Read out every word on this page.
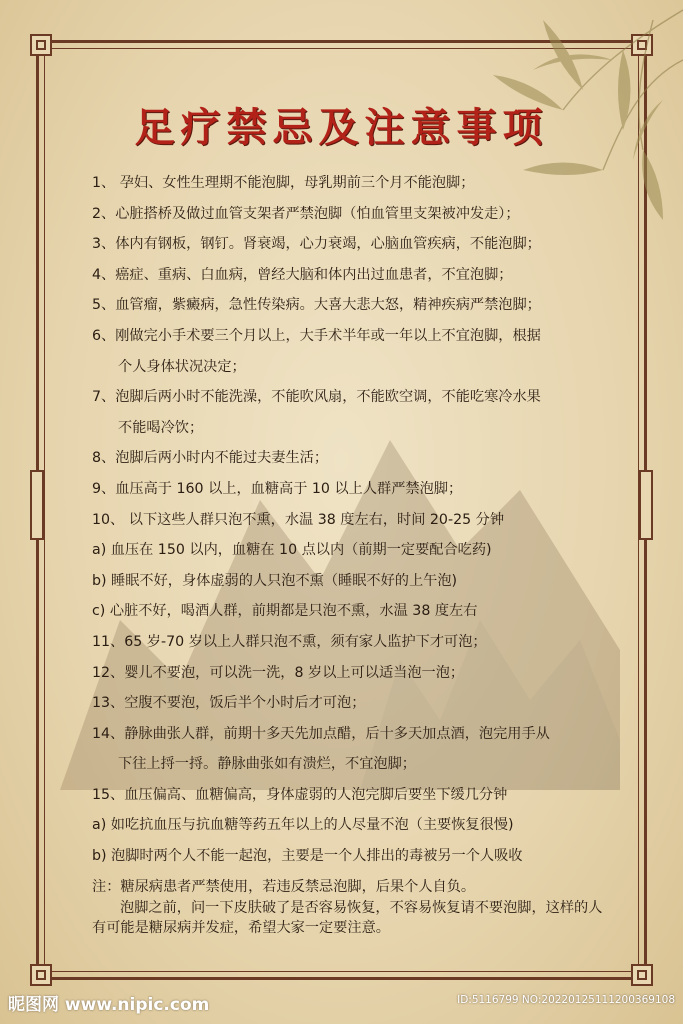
足疗禁忌及注意事项
1、 孕妇、女性生理期不能泡脚，母乳期前三个月不能泡脚；
2、心脏搭桥及做过血管支架者严禁泡脚（怕血管里支架被冲发走）；
3、体内有钢板，钢钉。肾衰竭，心力衰竭，心脑血管疾病，不能泡脚；
4、癌症、重病、白血病，曾经大脑和体内出过血患者，不宜泡脚；
5、血管瘤，紫癜病，急性传染病。大喜大悲大怒，精神疾病严禁泡脚；
6、刚做完小手术要三个月以上，大手术半年或一年以上不宜泡脚，根据
个人身体状况决定；
7、泡脚后两小时不能洗澡，不能吹风扇，不能欧空调，不能吃寒冷水果
不能喝冷饮；
8、泡脚后两小时内不能过夫妻生活；
9、血压高于 160 以上，血糖高于 10 以上人群严禁泡脚；
10、 以下这些人群只泡不熏，水温 38 度左右，时间 20-25 分钟
a) 血压在 150 以内，血糖在 10 点以内（前期一定要配合吃药)
b) 睡眠不好，身体虚弱的人只泡不熏（睡眠不好的上午泡)
c) 心脏不好，喝酒人群，前期都是只泡不熏，水温 38 度左右
11、65 岁-70 岁以上人群只泡不熏，须有家人监护下才可泡；
12、婴儿不要泡，可以洗一洗，8 岁以上可以适当泡一泡；
13、空腹不要泡，饭后半个小时后才可泡；
14、静脉曲张人群，前期十多天先加点醋，后十多天加点酒，泡完用手从
下往上捋一捋。静脉曲张如有溃烂，不宜泡脚；
15、血压偏高、血糖偏高，身体虚弱的人泡完脚后要坐下缓几分钟
a) 如吃抗血压与抗血糖等药五年以上的人尽量不泡（主要恢复很慢)
b) 泡脚时两个人不能一起泡，主要是一个人排出的毒被另一个人吸收
注：糖尿病患者严禁使用，若违反禁忌泡脚，后果个人自负。
泡脚之前，问一下皮肤破了是否容易恢复，不容易恢复请不要泡脚，这样的人有可能是糖尿病并发症，希望大家一定要注意。
昵图网 www.nipic.com	ID:5116799 NO:20220125111200369108
